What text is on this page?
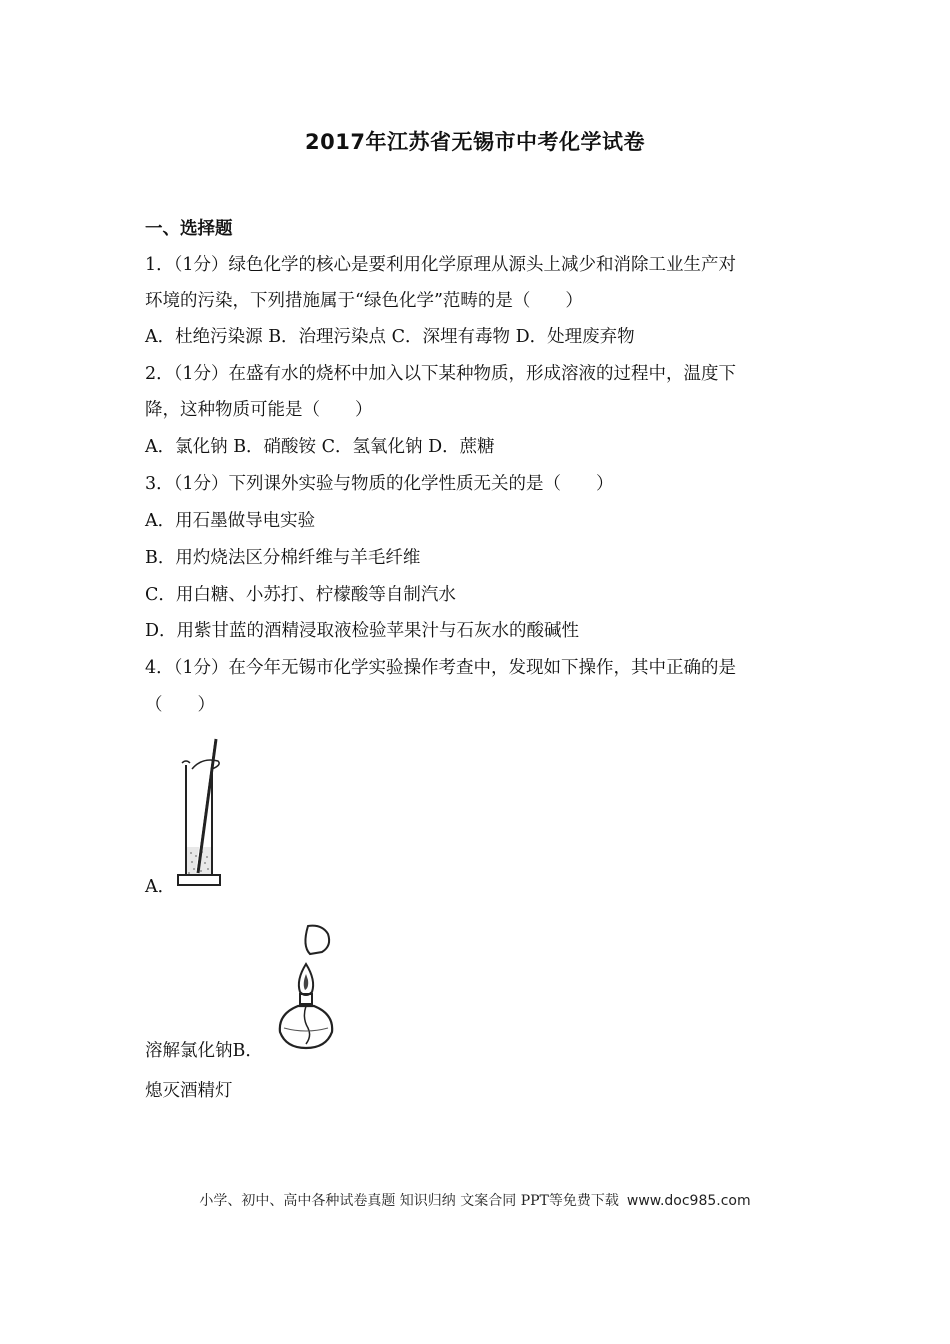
2017年江苏省无锡市中考化学试卷
一、选择题
1．（1分）绿色化学的核心是要利用化学原理从源头上减少和消除工业生产对
环境的污染，下列措施属于“绿色化学”范畴的是（　　）
A．杜绝污染源 B．治理污染点 C．深埋有毒物 D．处理废弃物
2．（1分）在盛有水的烧杯中加入以下某种物质，形成溶液的过程中，温度下
降，这种物质可能是（　　）
A．氯化钠 B．硝酸铵 C．氢氧化钠 D．蔗糖
3．（1分）下列课外实验与物质的化学性质无关的是（　　）
A．用石墨做导电实验
B．用灼烧法区分棉纤维与羊毛纤维
C．用白糖、小苏打、柠檬酸等自制汽水
D．用紫甘蓝的酒精浸取液检验苹果汁与石灰水的酸碱性
4．（1分）在今年无锡市化学实验操作考查中，发现如下操作，其中正确的是
（　　）
A．
溶解氯化钠B．
熄灭酒精灯
小学、初中、高中各种试卷真题 知识归纳 文案合同 PPT等免费下载 www.doc985.com
